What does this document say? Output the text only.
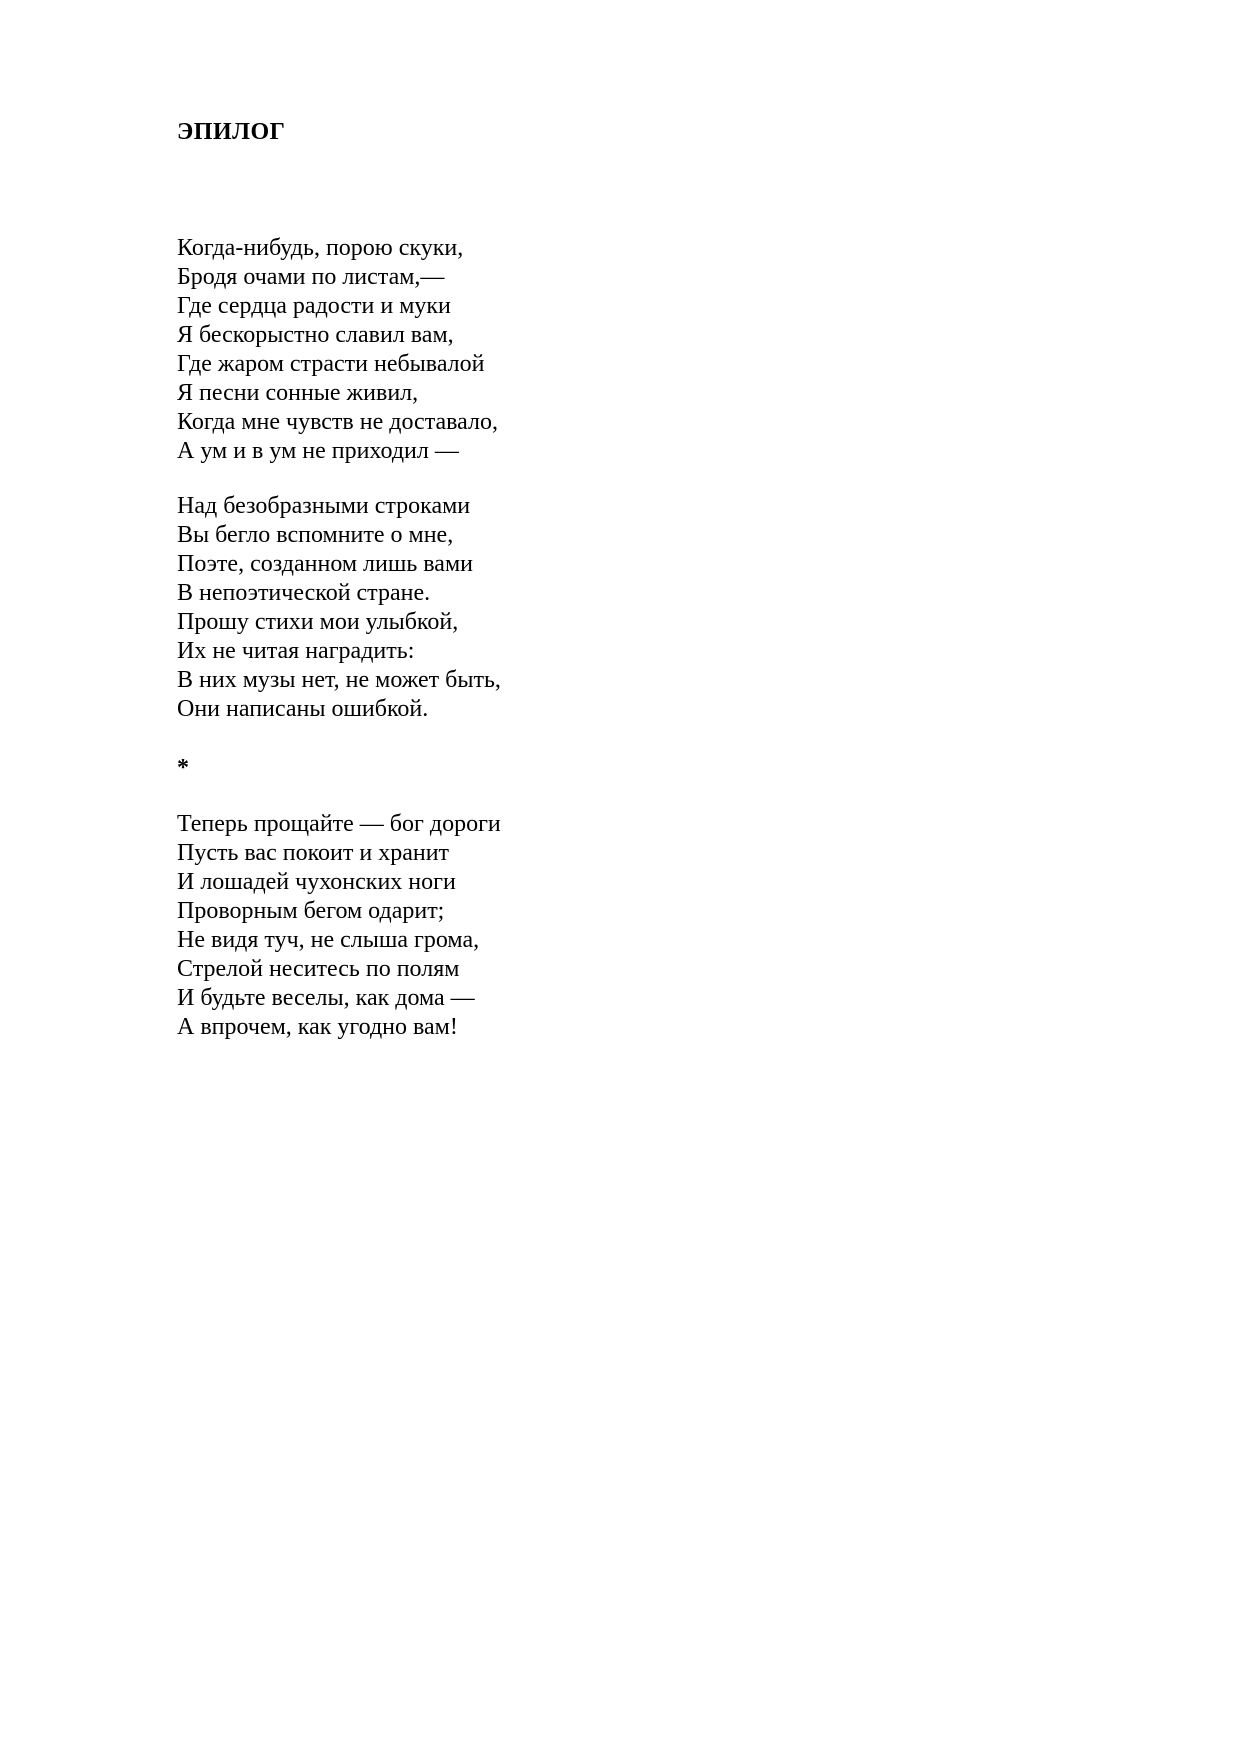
ЭПИЛОГ
Когда-нибудь, порою скуки,
Бродя очами по листам,—
Где сердца радости и муки
Я бескорыстно славил вам,
Где жаром страсти небывалой
Я песни сонные живил,
Когда мне чувств не доставало,
А ум и в ум не приходил —
Над безобразными строками
Вы бегло вспомните о мне,
Поэте, созданном лишь вами
В непоэтической стране.
Прошу стихи мои улыбкой,
Их не читая наградить:
В них музы нет, не может быть,
Они написаны ошибкой.

*

Теперь прощайте — бог дороги
Пусть вас покоит и хранит
И лошадей чухонских ноги
Проворным бегом одарит;
Не видя туч, не слыша грома,
Стрелой неситесь по полям
И будьте веселы, как дома —
А впрочем, как угодно вам!
